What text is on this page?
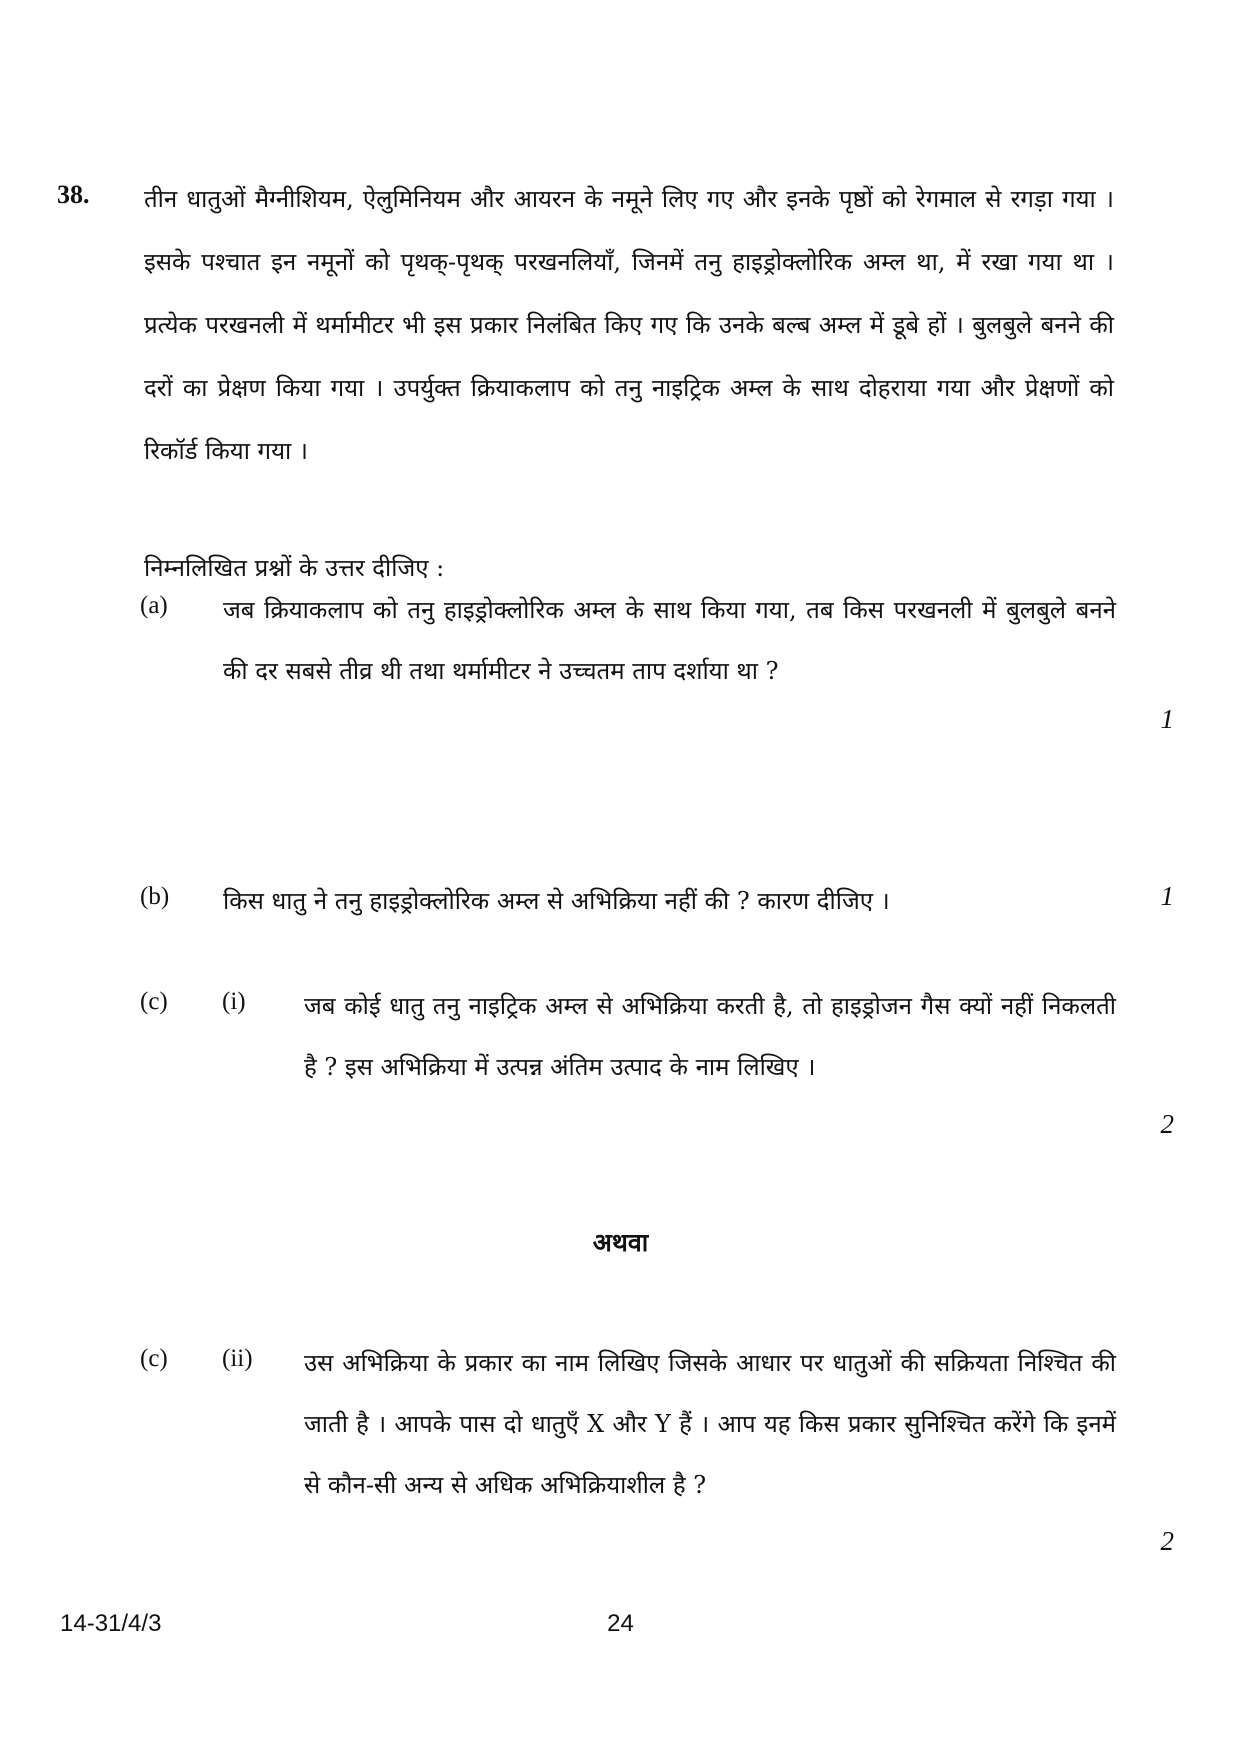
38. तीन धातुओं मैग्नीशियम, ऐलुमिनियम और आयरन के नमूने लिए गए और इनके पृष्ठों को रेगमाल से रगड़ा गया । इसके पश्चात इन नमूनों को पृथक्-पृथक् परखनलियाँ, जिनमें तनु हाइड्रोक्लोरिक अम्ल था, में रखा गया था । प्रत्येक परखनली में थर्मामीटर भी इस प्रकार निलंबित किए गए कि उनके बल्ब अम्ल में डूबे हों । बुलबुले बनने की दरों का प्रेक्षण किया गया । उपर्युक्त क्रियाकलाप को तनु नाइट्रिक अम्ल के साथ दोहराया गया और प्रेक्षणों को रिकॉर्ड किया गया ।
निम्नलिखित प्रश्नों के उत्तर दीजिए :
(a) जब क्रियाकलाप को तनु हाइड्रोक्लोरिक अम्ल के साथ किया गया, तब किस परखनली में बुलबुले बनने की दर सबसे तीव्र थी तथा थर्मामीटर ने उच्चतम ताप दर्शाया था ?
1
(b) किस धातु ने तनु हाइड्रोक्लोरिक अम्ल से अभिक्रिया नहीं की ? कारण दीजिए ।	1
(c) (i) जब कोई धातु तनु नाइट्रिक अम्ल से अभिक्रिया करती है, तो हाइड्रोजन गैस क्यों नहीं निकलती है ? इस अभिक्रिया में उत्पन्न अंतिम उत्पाद के नाम लिखिए ।
2
अथवा
(c) (ii) उस अभिक्रिया के प्रकार का नाम लिखिए जिसके आधार पर धातुओं की सक्रियता निश्चित की जाती है । आपके पास दो धातुएँ X और Y हैं । आप यह किस प्रकार सुनिश्चित करेंगे कि इनमें से कौन-सी अन्य से अधिक अभिक्रियाशील है ?
2
14-31/4/3	24
